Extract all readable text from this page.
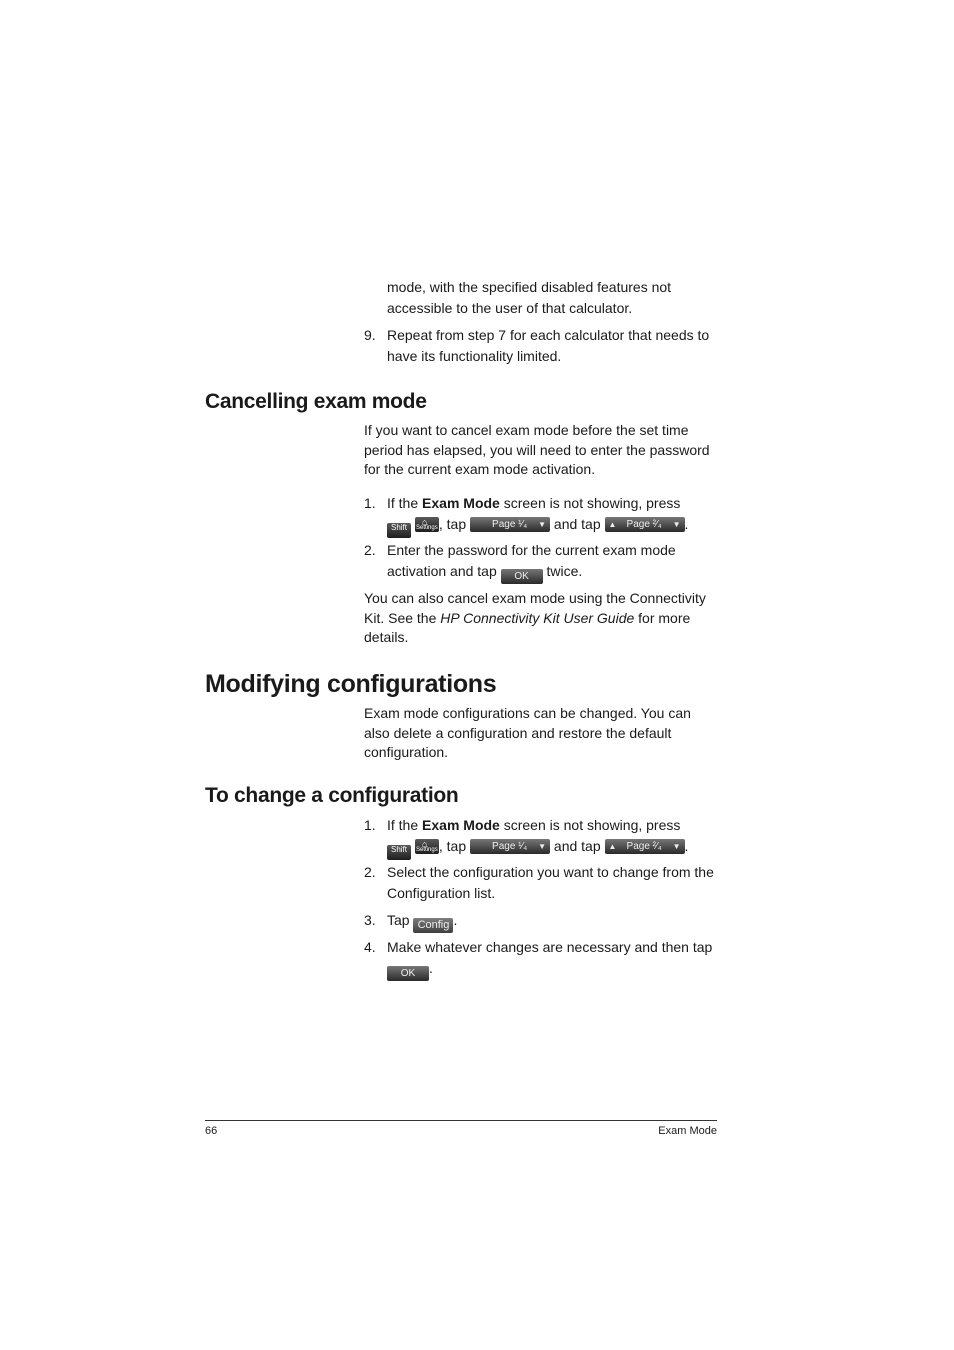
mode, with the specified disabled features not accessible to the user of that calculator.
9. Repeat from step 7 for each calculator that needs to have its functionality limited.
Cancelling exam mode
If you want to cancel exam mode before the set time period has elapsed, you will need to enter the password for the current exam mode activation.
1. If the Exam Mode screen is not showing, press
Shift
⌂
Settings , tap	Page ¹⁄₄ ▼ and tap ▲ Page ²⁄₄ ▼ .
2. Enter the password for the current exam mode activation and tap OK twice.
You can also cancel exam mode using the Connectivity Kit. See the HP Connectivity Kit User Guide for more details.
Modifying configurations
Exam mode configurations can be changed. You can also delete a configuration and restore the default configuration.
To change a configuration
1. If the Exam Mode screen is not showing, press
Shift
⌂
Settings , tap	Page ¹⁄₄ ▼ and tap ▲ Page ²⁄₄ ▼ .
2. Select the configuration you want to change from the Configuration list.
3. Tap Config .
4. Make whatever changes are necessary and then tap
OK .
66	Exam Mode
